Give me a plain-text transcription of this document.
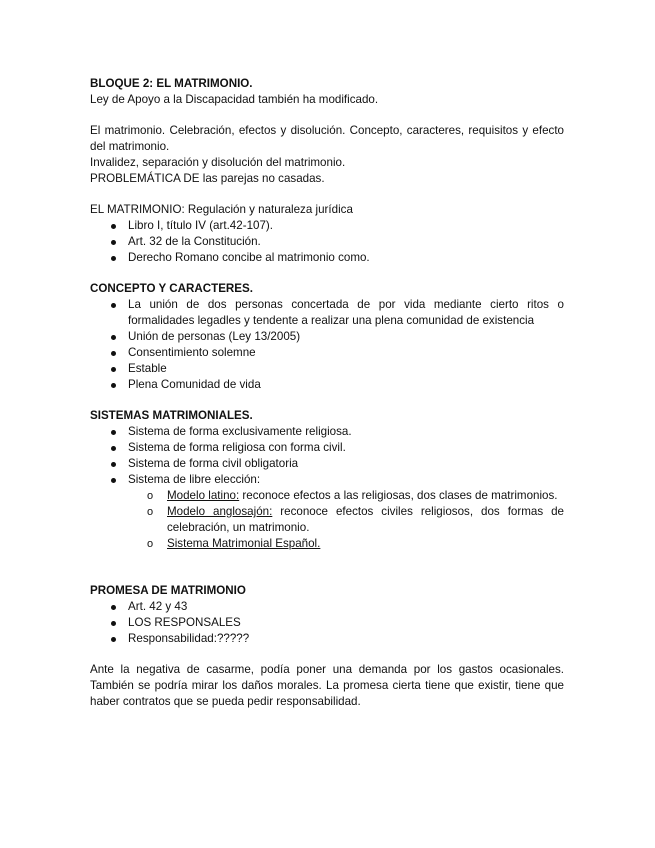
BLOQUE 2: EL MATRIMONIO.

Ley de Apoyo a la Discapacidad también ha modificado.

El matrimonio. Celebración, efectos y disolución. Concepto, caracteres, requisitos y efecto del matrimonio.

Invalidez, separación y disolución del matrimonio.

PROBLEMÁTICA DE las parejas no casadas.

EL MATRIMONIO: Regulación y naturaleza jurídica

Libro I, título IV (art.42-107).
Art. 32 de la Constitución.
Derecho Romano concibe al matrimonio como.

CONCEPTO Y CARACTERES.

La unión de dos personas concertada de por vida mediante cierto ritos o formalidades legadles y tendente a realizar una plena comunidad de existencia
Unión de personas (Ley 13/2005)
Consentimiento solemne
Estable
Plena Comunidad de vida

SISTEMAS MATRIMONIALES.

Sistema de forma exclusivamente religiosa.
Sistema de forma religiosa con forma civil.
Sistema de forma civil obligatoria
Sistema de libre elección:
o Modelo latino: reconoce efectos a las religiosas, dos clases de matrimonios.
o Modelo anglosajón: reconoce efectos civiles religiosos, dos formas de celebración, un matrimonio.
o Sistema Matrimonial Español.

PROMESA DE MATRIMONIO

Art. 42 y 43
LOS RESPONSALES
Responsabilidad:?????

Ante la negativa de casarme, podía poner una demanda por los gastos ocasionales. También se podría mirar los daños morales. La promesa cierta tiene que existir, tiene que haber contratos que se pueda pedir responsabilidad.
